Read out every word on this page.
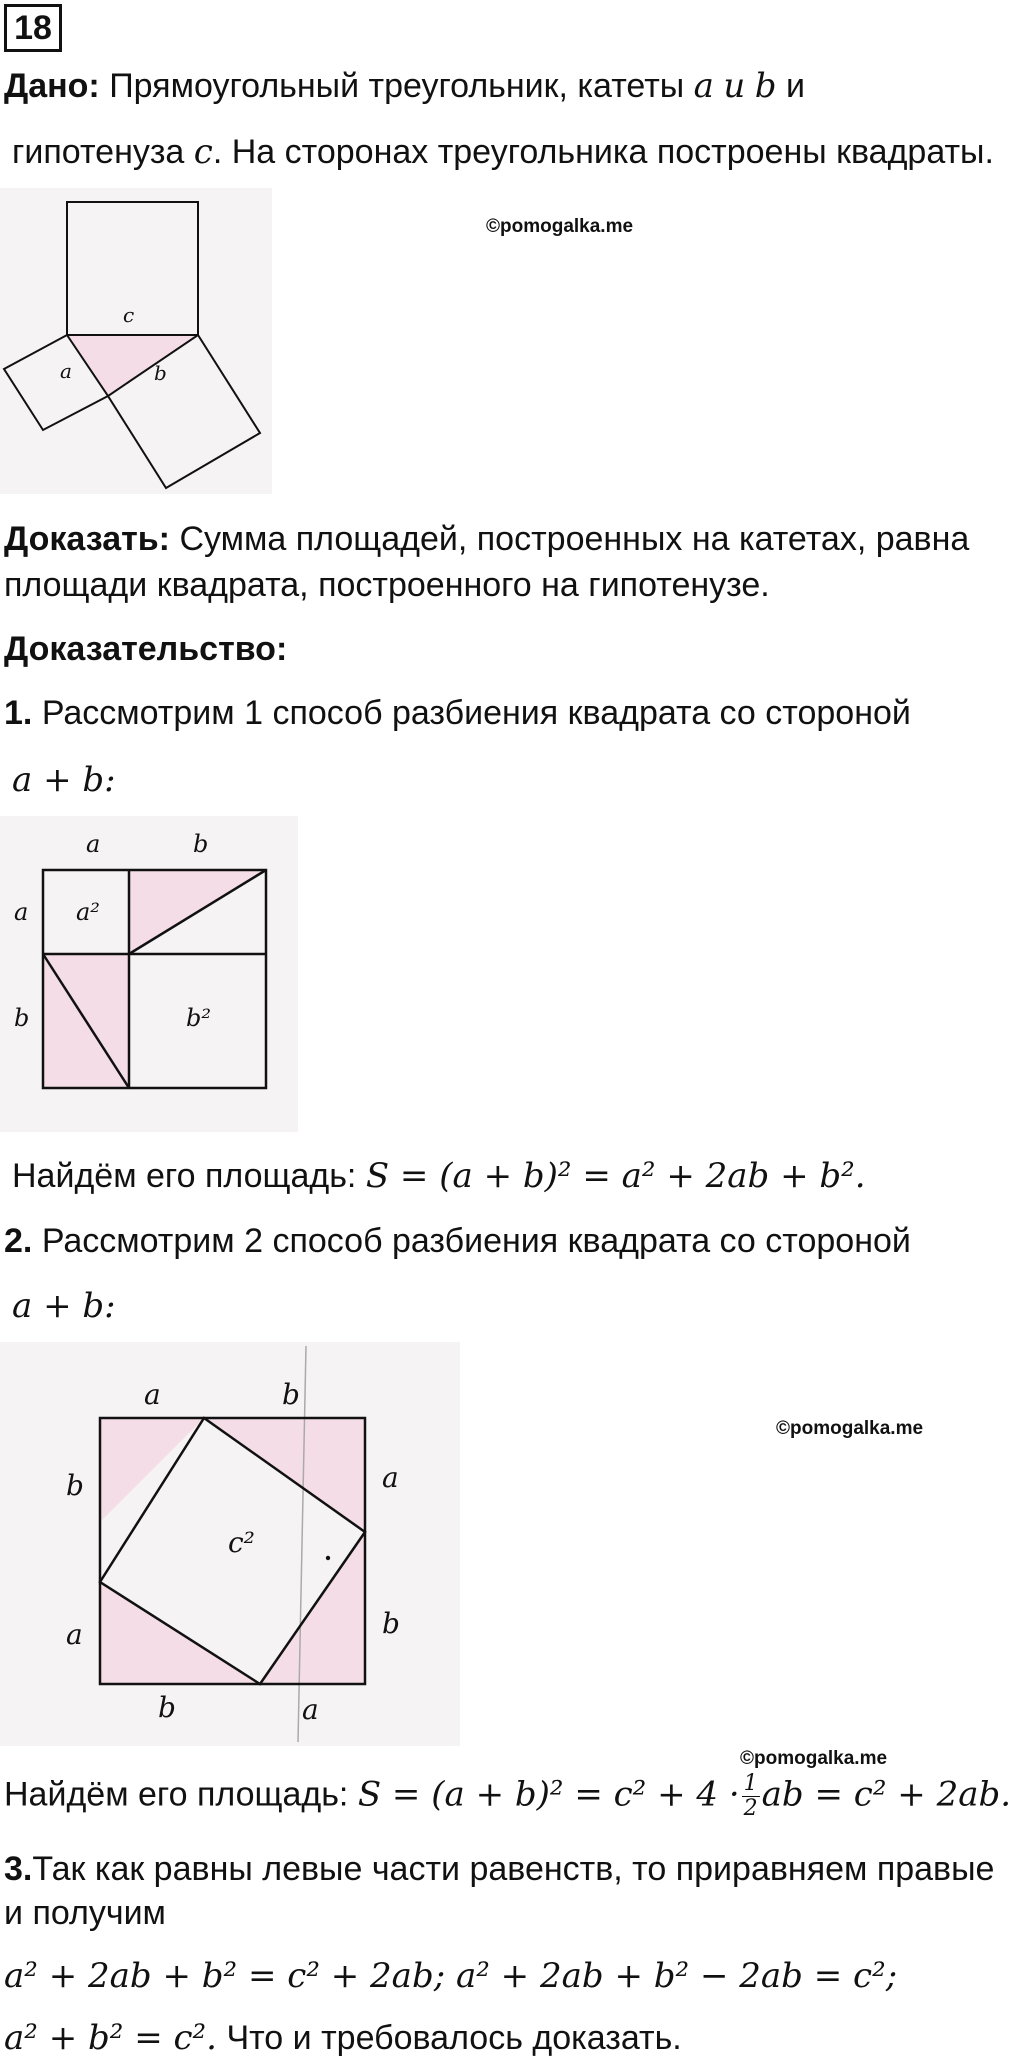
18
Дано: Прямоугольный треугольник, катеты a и b и
гипотенуза c. На сторонах треугольника построены квадраты.
c
a	b
©pomogalka.me
Доказать: Сумма площадей, построенных на катетах, равна
площади квадрата, построенного на гипотенузе.
Доказательство:
1. Рассмотрим 1 способ разбиения квадрата со стороной
a + b:
a	b
a
b
a²
b²
Найдём его площадь: S = (a + b)² = a² + 2ab + b².
2. Рассмотрим 2 способ разбиения квадрата со стороной
a + b:
a	b
b
a
a
b
b	a
c²
©pomogalka.me
©pomogalka.me
Найдём его площадь: $S = (a + b)^2 = c^2 + 4 \cdot \frac{1}{2}$ ab = c² + 2ab.
3.Так как равны левые части равенств, то приравняем правые
и получим
a² + 2ab + b² = c² + 2ab; a² + 2ab + b² − 2ab = c²;
a² + b² = c². Что и требовалось доказать.
